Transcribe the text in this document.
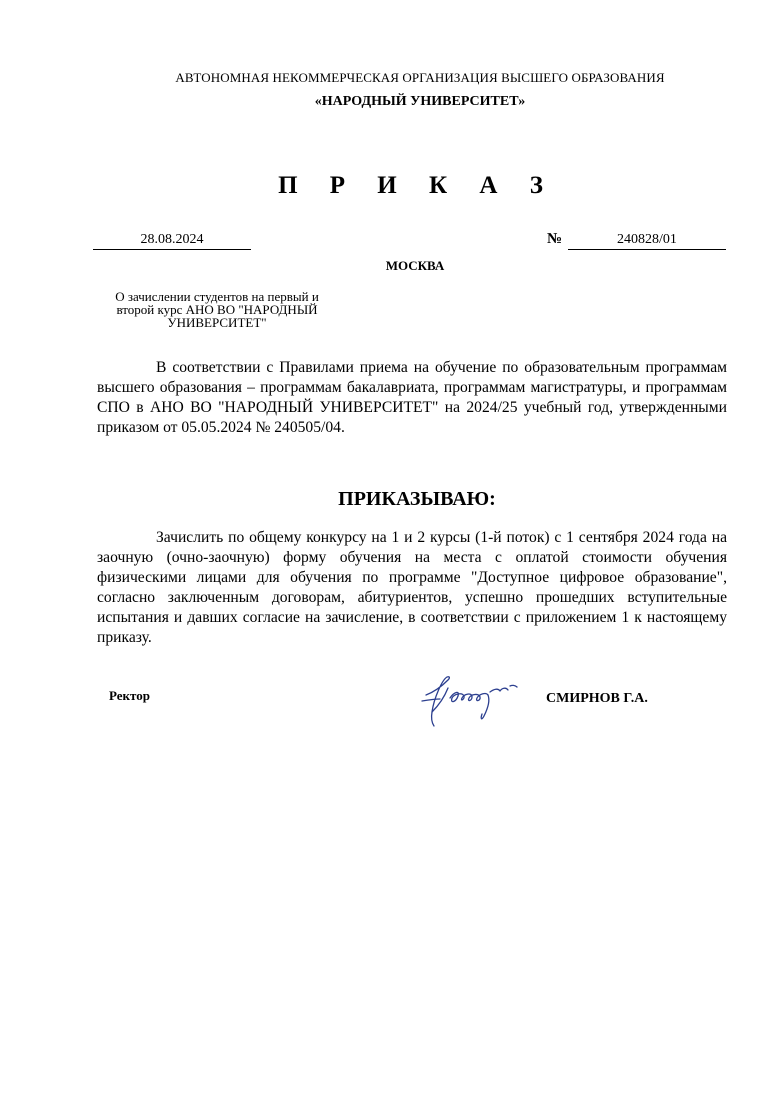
АВТОНОМНАЯ НЕКОММЕРЧЕСКАЯ ОРГАНИЗАЦИЯ ВЫСШЕГО ОБРАЗОВАНИЯ
«НАРОДНЫЙ УНИВЕРСИТЕТ»
П Р И К А З
28.08.2024	№	240828/01
МОСКВА
О зачислении студентов на первый и второй курс АНО ВО "НАРОДНЫЙ УНИВЕРСИТЕТ"
В соответствии с Правилами приема на обучение по образовательным программам высшего образования – программам бакалавриата, программам магистратуры, и программам СПО в АНО ВО "НАРОДНЫЙ УНИВЕРСИТЕТ" на 2024/25 учебный год, утвержденными приказом от 05.05.2024 № 240505/04.
ПРИКАЗЫВАЮ:
Зачислить по общему конкурсу на 1 и 2 курсы (1-й поток) с 1 сентября 2024 года на заочную (очно-заочную) форму обучения на места с оплатой стоимости обучения физическими лицами для обучения по программе "Доступное цифровое образование", согласно заключенным договорам, абитуриентов, успешно прошедших вступительные испытания и давших согласие на зачисление, в соответствии с приложением 1 к настоящему приказу.
Ректор	СМИРНОВ Г.А.
